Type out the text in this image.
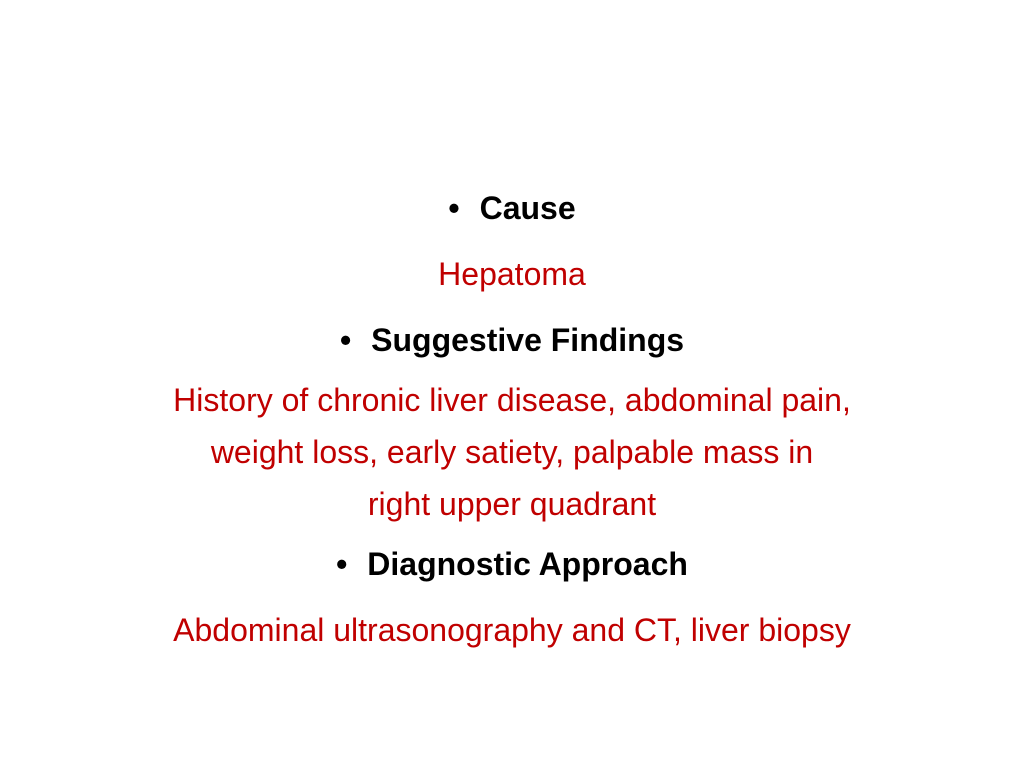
• Cause

Hepatoma

• Suggestive Findings

History of chronic liver disease, abdominal pain,

weight loss, early satiety, palpable mass in

right upper quadrant

• Diagnostic Approach

Abdominal ultrasonography and CT, liver biopsy
